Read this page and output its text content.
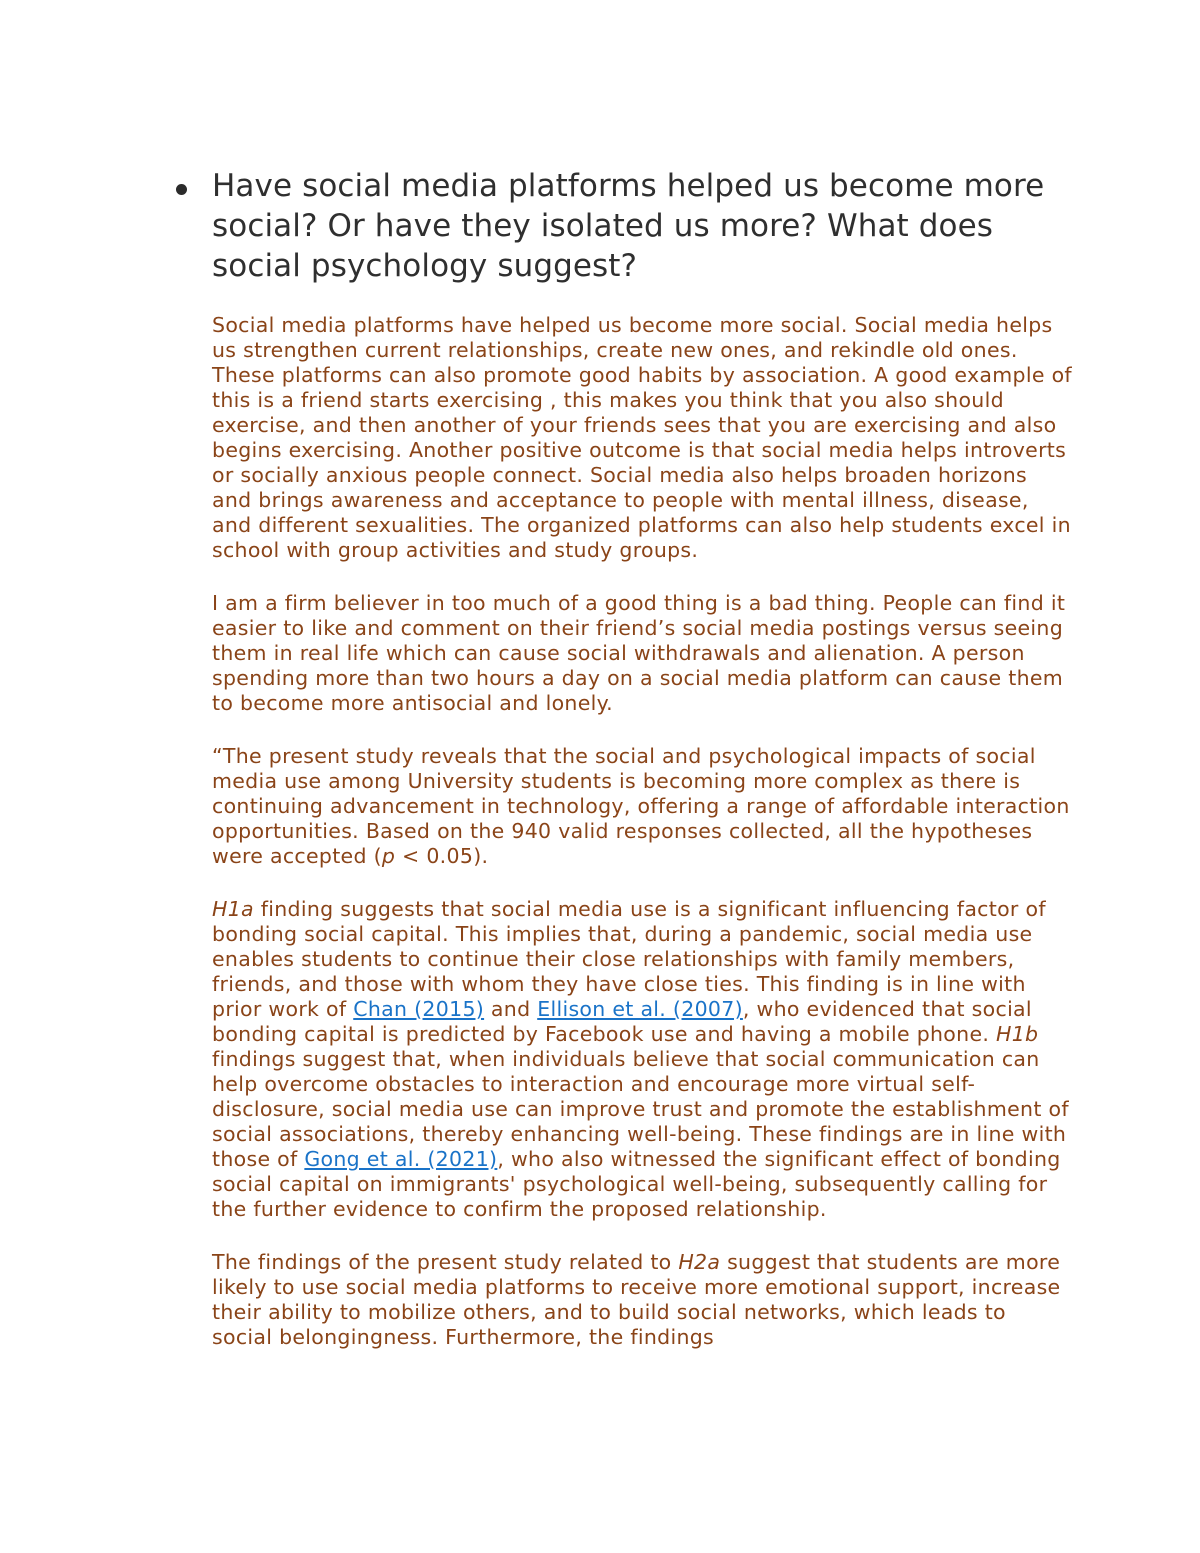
Have social media platforms helped us become more social? Or have they isolated us more? What does social psychology suggest?

Social media platforms have helped us become more social. Social media helps us strengthen current relationships, create new ones, and rekindle old ones. These platforms can also promote good habits by association. A good example of this is a friend starts exercising , this makes you think that you also should exercise, and then another of your friends sees that you are exercising and also begins exercising. Another positive outcome is that social media helps introverts or socially anxious people connect. Social media also helps broaden horizons and brings awareness and acceptance to people with mental illness, disease, and different sexualities. The organized platforms can also help students excel in school with group activities and study groups.

I am a firm believer in too much of a good thing is a bad thing. People can find it easier to like and comment on their friend’s social media postings versus seeing them in real life which can cause social withdrawals and alienation. A person spending more than two hours a day on a social media platform can cause them to become more antisocial and lonely.

“The present study reveals that the social and psychological impacts of social media use among University students is becoming more complex as there is continuing advancement in technology, offering a range of affordable interaction opportunities. Based on the 940 valid responses collected, all the hypotheses were accepted (p < 0.05).

H1a finding suggests that social media use is a significant influencing factor of bonding social capital. This implies that, during a pandemic, social media use enables students to continue their close relationships with family members, friends, and those with whom they have close ties. This finding is in line with prior work of Chan (2015) and Ellison et al. (2007), who evidenced that social bonding capital is predicted by Facebook use and having a mobile phone. H1b findings suggest that, when individuals believe that social communication can help overcome obstacles to interaction and encourage more virtual self-disclosure, social media use can improve trust and promote the establishment of social associations, thereby enhancing well-being. These findings are in line with those of Gong et al. (2021), who also witnessed the significant effect of bonding social capital on immigrants' psychological well-being, subsequently calling for the further evidence to confirm the proposed relationship.

The findings of the present study related to H2a suggest that students are more likely to use social media platforms to receive more emotional support, increase their ability to mobilize others, and to build social networks, which leads to social belongingness. Furthermore, the findings
